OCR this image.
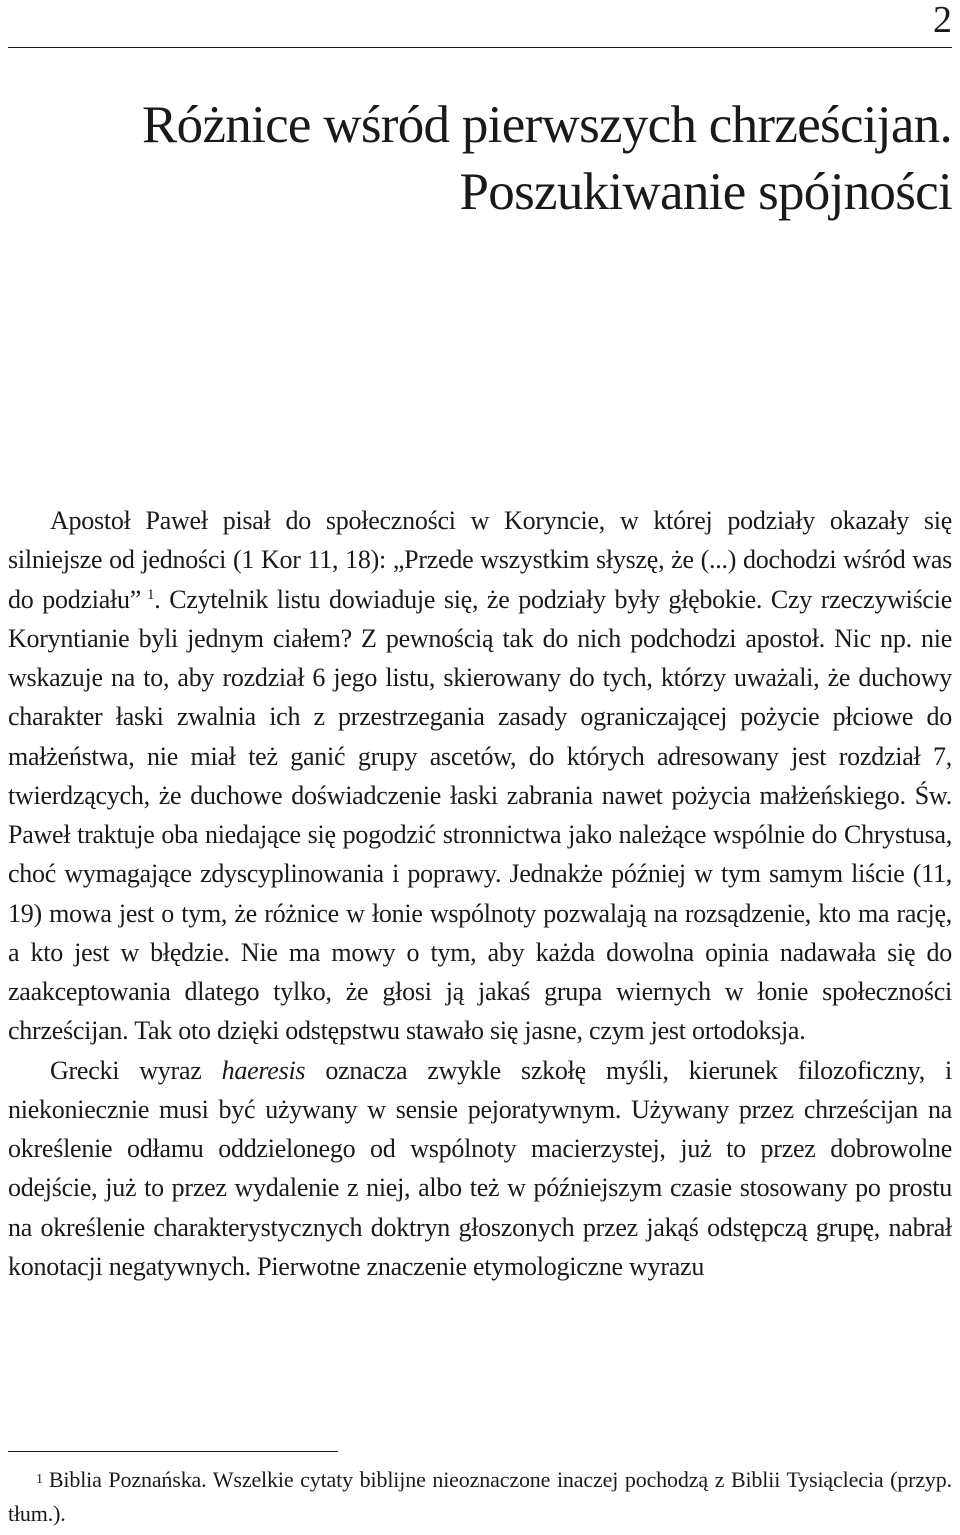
2
Różnice wśród pierwszych chrześcijan.
Poszukiwanie spójności

Apostoł Paweł pisał do społeczności w Koryncie, w której podziały okazały się silniejsze od jedności (1 Kor 11, 18): „Przede wszystkim słyszę, że (...) dochodzi wśród was do podziału” $^1$. Czytelnik listu dowiaduje się, że podziały były głębokie. Czy rzeczywiście Koryntianie byli jednym ciałem? Z pewnością tak do nich podchodzi apostoł. Nic np. nie wskazuje na to, aby rozdział 6 jego listu, skierowany do tych, którzy uważali, że duchowy charakter łaski zwalnia ich z przestrzegania zasady ograniczającej pożycie płciowe do małżeństwa, nie miał też ganić grupy ascetów, do których adresowany jest rozdział 7, twierdzących, że duchowe doświadczenie łaski zabrania nawet pożycia małżeńskiego. Św. Paweł traktuje oba niedające się pogodzić stronnictwa jako należące wspólnie do Chrystusa, choć wymagające zdyscyplinowania i poprawy. Jednakże później w tym samym liście (11, 19) mowa jest o tym, że różnice w łonie wspólnoty pozwalają na rozsądzenie, kto ma rację, a kto jest w błędzie. Nie ma mowy o tym, aby każda dowolna opinia nadawała się do zaakceptowania dlatego tylko, że głosi ją jakaś grupa wiernych w łonie społeczności chrześcijan. Tak oto dzięki odstępstwu stawało się jasne, czym jest ortodoksja.

Grecki wyraz haeresis oznacza zwykle szkołę myśli, kierunek filozoficzny, i niekoniecznie musi być używany w sensie pejoratywnym. Używany przez chrześcijan na określenie odłamu oddzielonego od wspólnoty macierzystej, już to przez dobrowolne odejście, już to przez wydalenie z niej, albo też w późniejszym czasie stosowany po prostu na określenie charakterystycznych doktryn głoszonych przez jakąś odstępczą grupę, nabrał konotacji negatywnych. Pierwotne znaczenie etymologiczne wyrazu

$^1$ Biblia Poznańska. Wszelkie cytaty biblijne nieoznaczone inaczej pochodzą z Biblii Tysiąclecia (przyp. tłum.).
